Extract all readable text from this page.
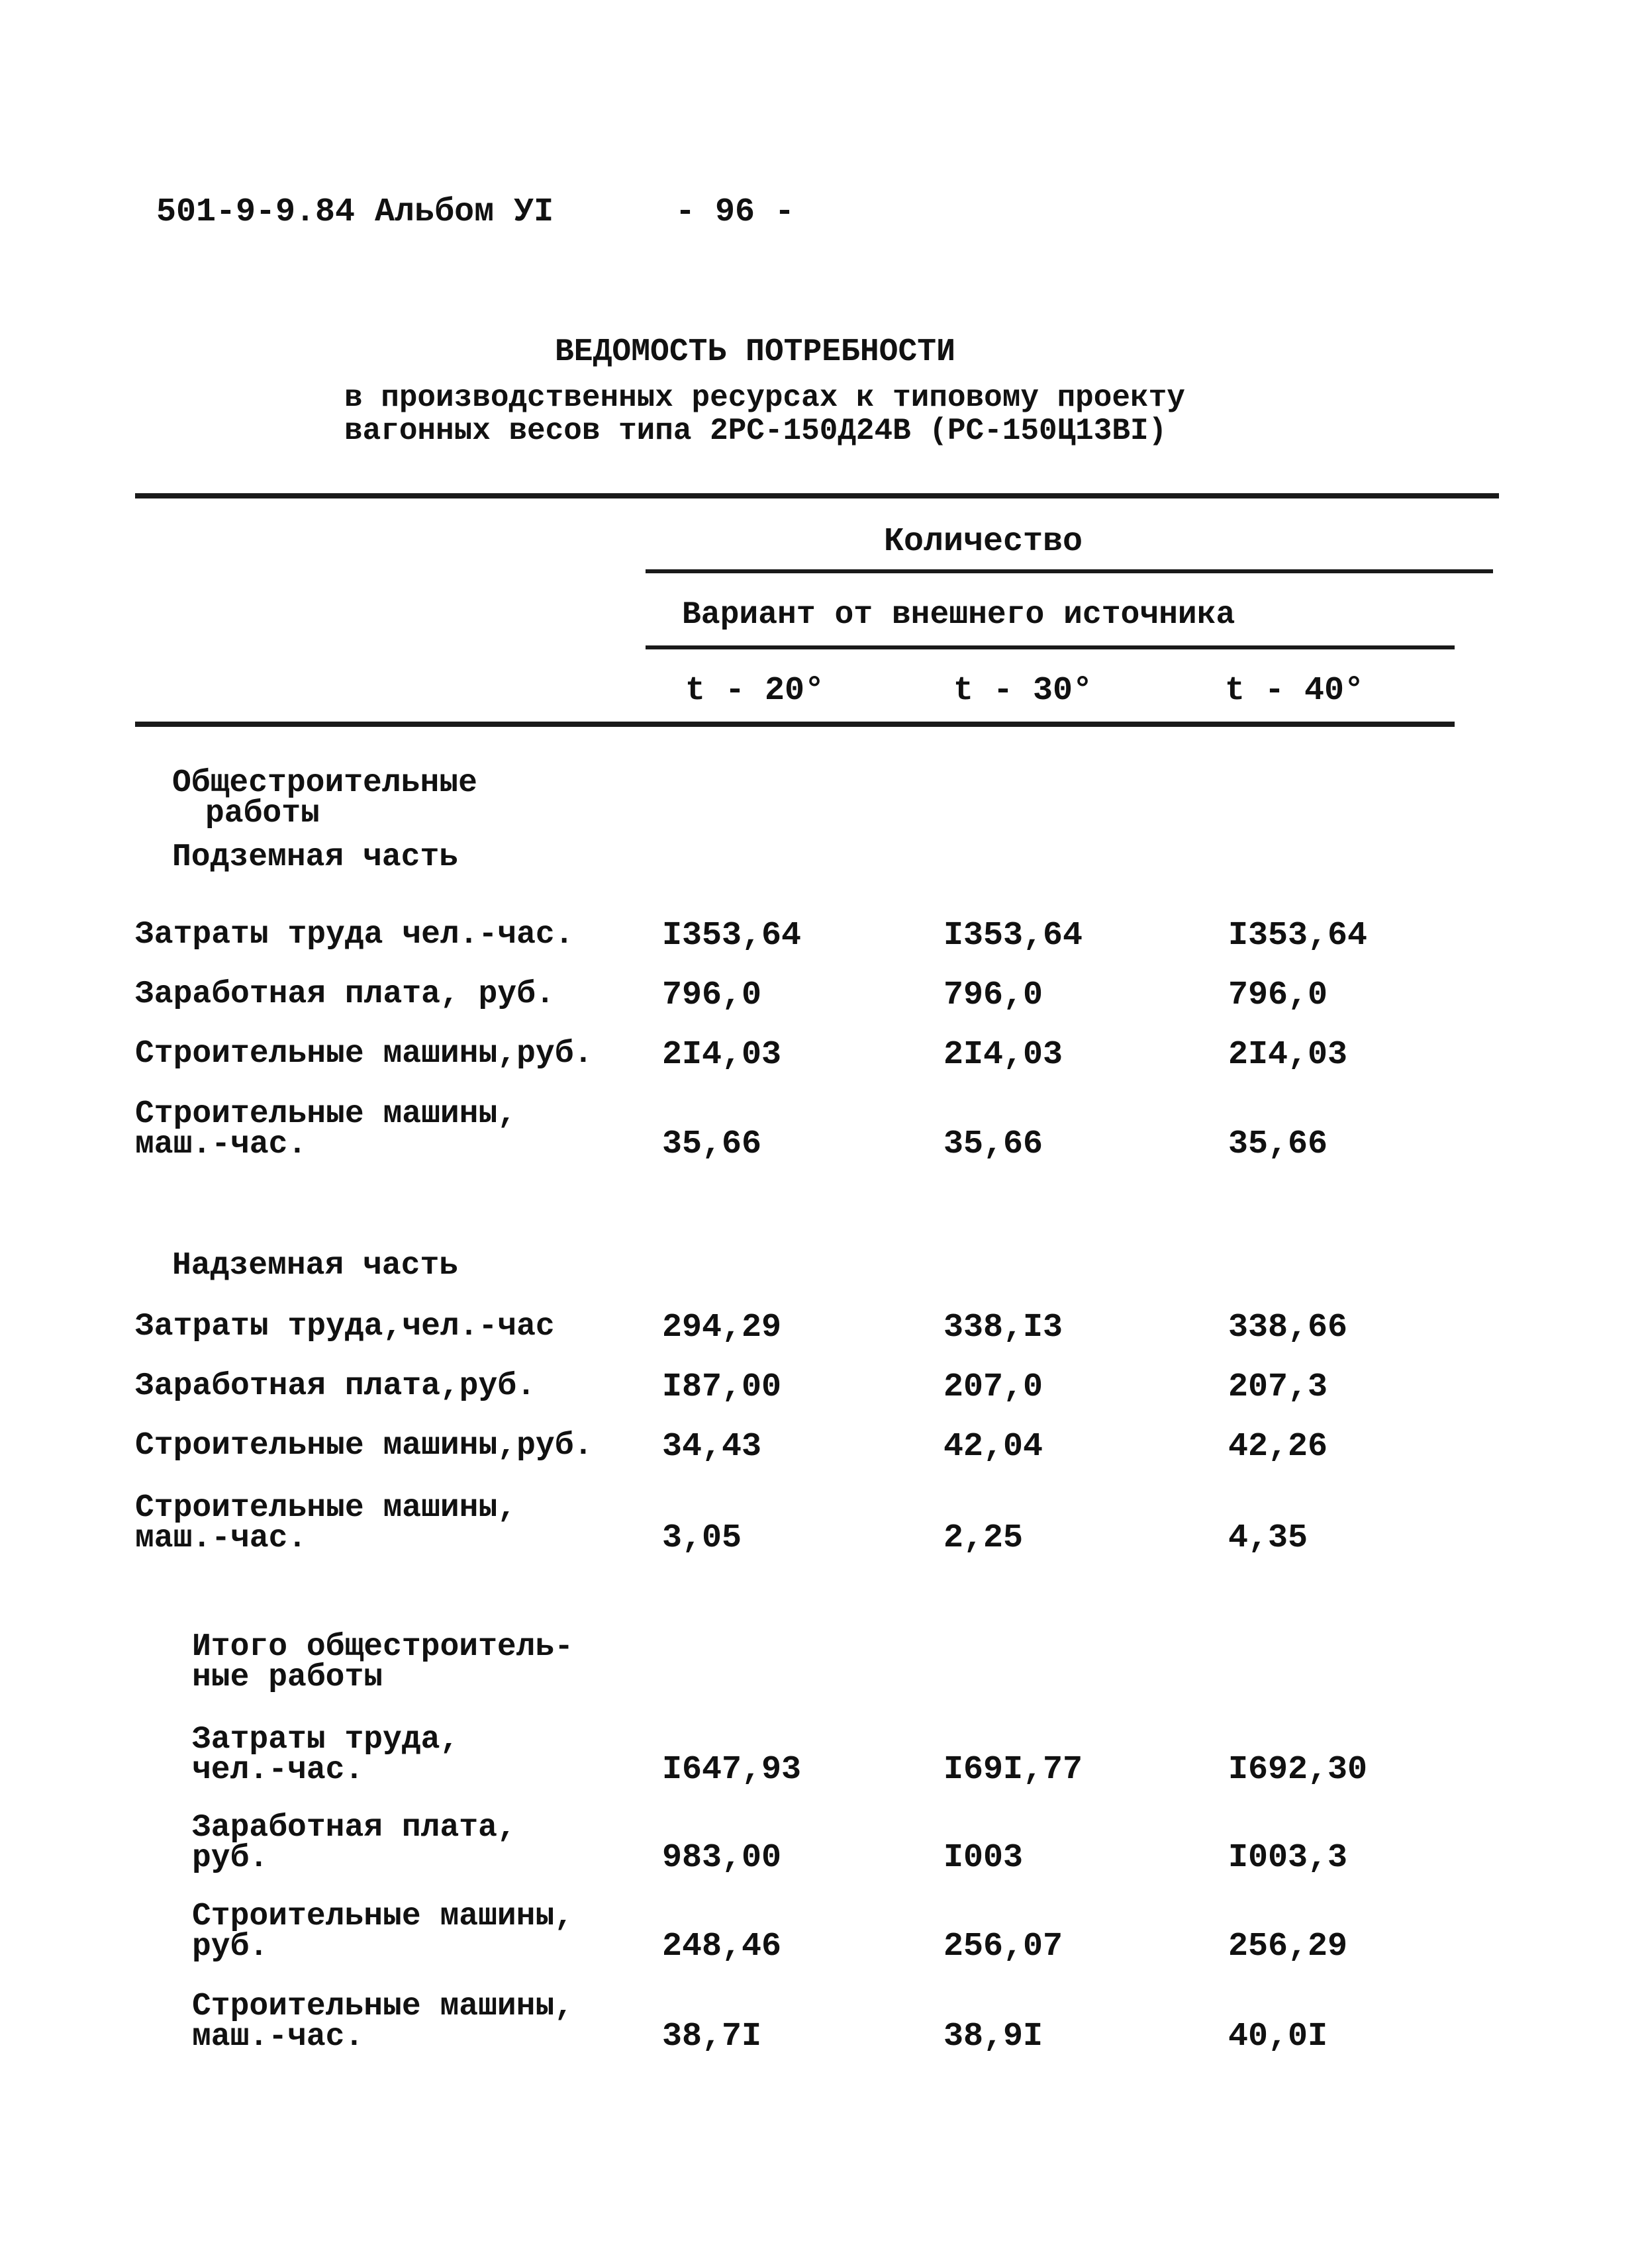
501-9-9.84 Альбом УI	- 96 -
ВЕДОМОСТЬ ПОТРЕБНОСТИ
в производственных ресурсах к типовому проекту
вагонных весов типа 2РС-150Д24В (РС-150Ц13ВI)
Количество
Вариант от внешнего источника
t - 20°	t - 30°	t - 40°
Общестроительные
работы
Подземная часть
Затраты труда чел.-час.	I353,64	I353,64	I353,64
Заработная плата, руб.	796,0	796,0	796,0
Строительные машины,руб. 2I4,03	2I4,03	2I4,03
Строительные машины,
маш.-час.	35,66	35,66	35,66
Надземная часть
Затраты труда,чел.-час	294,29	338,I3	338,66
Заработная плата,руб.	I87,00	207,0	207,3
Строительные машины,руб. 34,43	42,04	42,26
Строительные машины,
маш.-час.	3,05	2,25	4,35
Итого общестроитель-
ные работы
Затраты труда,
чел.-час.	I647,93	I69I,77	I692,30
Заработная плата,
руб.	983,00	I003	I003,3
Строительные машины,
руб.	248,46	256,07	256,29
Строительные машины,
маш.-час.	38,7I	38,9I	40,0I
